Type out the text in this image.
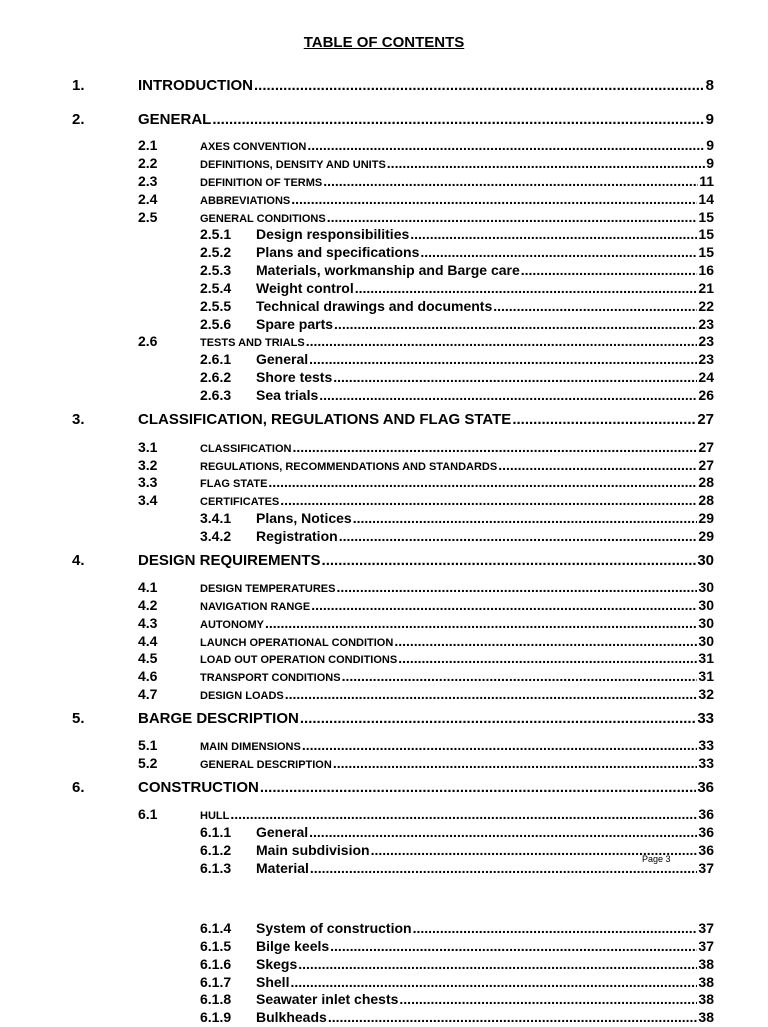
TABLE OF CONTENTS
1.	INTRODUCTION .....	8
2.	GENERAL .....	9
2.1	AXES CONVENTION .....	9
2.2	DEFINITIONS, DENSITY AND UNITS .....	9
2.3	DEFINITION OF TERMS .....	11
2.4	ABBREVIATIONS .....	14
2.5	GENERAL CONDITIONS .....	15
2.5.1	Design responsibilities .....	15
2.5.2	Plans and specifications .....	15
2.5.3	Materials, workmanship and Barge care .....	16
2.5.4	Weight control .....	21
2.5.5	Technical drawings and documents .....	22
2.5.6	Spare parts .....	23
2.6	TESTS AND TRIALS .....	23
2.6.1	General .....	23
2.6.2	Shore tests .....	24
2.6.3	Sea trials .....	26
3.	CLASSIFICATION, REGULATIONS AND FLAG STATE .....	27
3.1	CLASSIFICATION .....	27
3.2	REGULATIONS, RECOMMENDATIONS AND STANDARDS .....	27
3.3	FLAG STATE .....	28
3.4	CERTIFICATES .....	28
3.4.1	Plans, Notices .....	29
3.4.2	Registration .....	29
4.	DESIGN REQUIREMENTS .....	30
4.1	DESIGN TEMPERATURES .....	30
4.2	NAVIGATION RANGE .....	30
4.3	AUTONOMY .....	30
4.4	LAUNCH OPERATIONAL CONDITION .....	30
4.5	LOAD OUT OPERATION CONDITIONS .....	31
4.6	TRANSPORT CONDITIONS .....	31
4.7	DESIGN LOADS .....	32
5.	BARGE DESCRIPTION .....	33
5.1	MAIN DIMENSIONS .....	33
5.2	GENERAL DESCRIPTION .....	33
6.	CONSTRUCTION .....	36
6.1	HULL .....	36
6.1.1	General .....	36
6.1.2	Main subdivision .....	36
6.1.3	Material .....	37
6.1.4	System of construction .....	37
6.1.5	Bilge keels .....	37
6.1.6	Skegs .....	38
6.1.7	Shell .....	38
6.1.8	Seawater inlet chests .....	38
6.1.9	Bulkheads .....	38
Page 3
